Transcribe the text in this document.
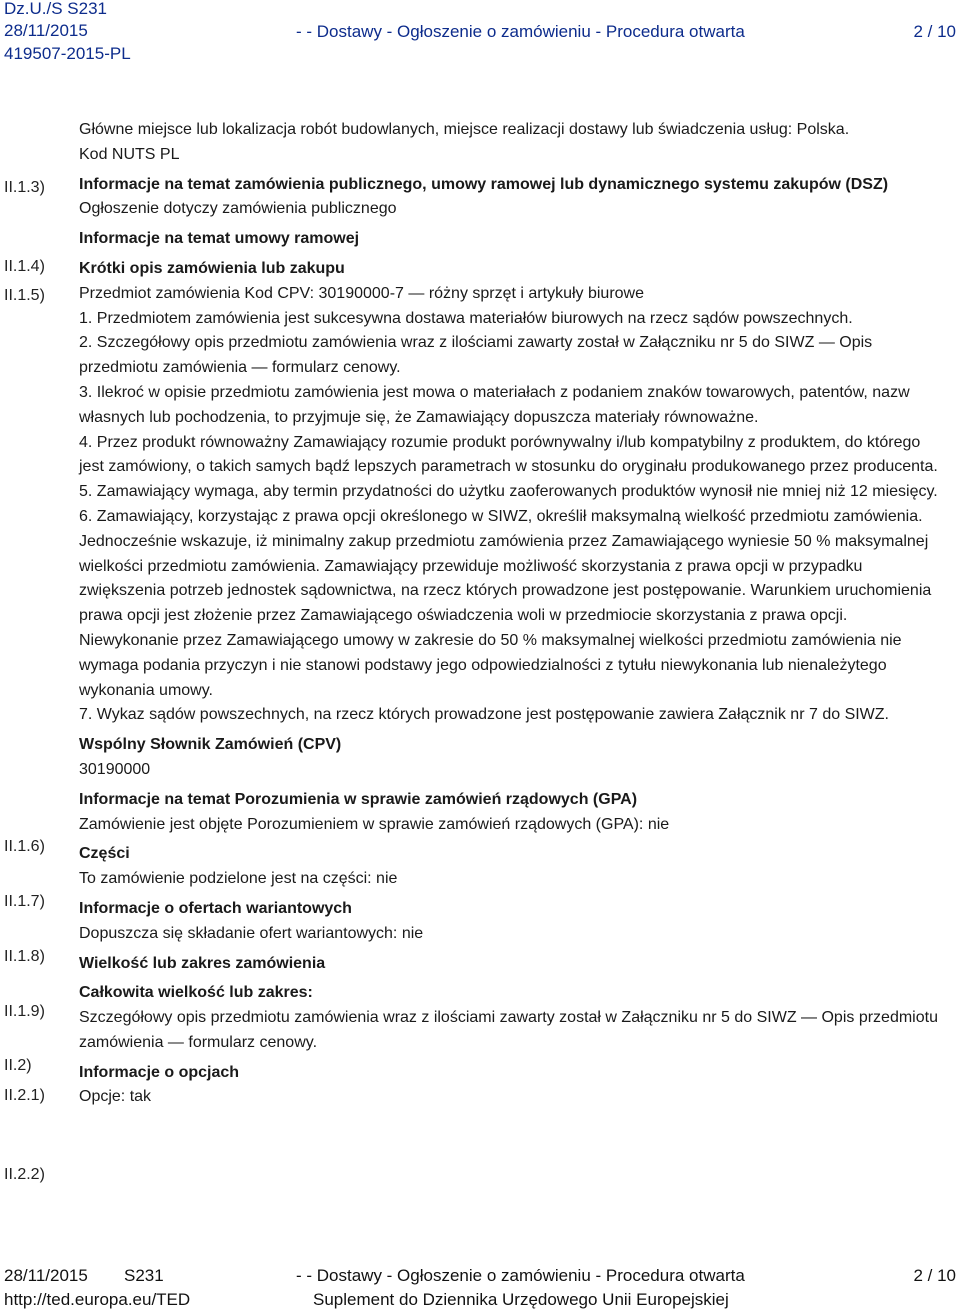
Dz.U./S S231
28/11/2015
419507-2015-PL
- - Dostawy - Ogłoszenie o zamówieniu - Procedura otwarta	2 / 10
II.1.3)
II.1.4)
II.1.5)
II.1.6)
II.1.7)
II.1.8)
II.1.9)
II.2)
II.2.1)
II.2.2)

Główne miejsce lub lokalizacja robót budowlanych, miejsce realizacji dostawy lub świadczenia usług: Polska.

Kod NUTS PL

Informacje na temat zamówienia publicznego, umowy ramowej lub dynamicznego systemu zakupów (DSZ)

Ogłoszenie dotyczy zamówienia publicznego

Informacje na temat umowy ramowej

Krótki opis zamówienia lub zakupu

Przedmiot zamówienia Kod CPV: 30190000-7 — różny sprzęt i artykuły biurowe

1. Przedmiotem zamówienia jest sukcesywna dostawa materiałów biurowych na rzecz sądów powszechnych.

2. Szczegółowy opis przedmiotu zamówienia wraz z ilościami zawarty został w Załączniku nr 5 do SIWZ — Opis przedmiotu zamówienia — formularz cenowy.

3. Ilekroć w opisie przedmiotu zamówienia jest mowa o materiałach z podaniem znaków towarowych, patentów, nazw własnych lub pochodzenia, to przyjmuje się, że Zamawiający dopuszcza materiały równoważne.

4. Przez produkt równoważny Zamawiający rozumie produkt porównywalny i/lub kompatybilny z produktem, do którego jest zamówiony, o takich samych bądź lepszych parametrach w stosunku do oryginału produkowanego przez producenta.

5. Zamawiający wymaga, aby termin przydatności do użytku zaoferowanych produktów wynosił nie mniej niż 12 miesięcy.

6. Zamawiający, korzystając z prawa opcji określonego w SIWZ, określił maksymalną wielkość przedmiotu zamówienia. Jednocześnie wskazuje, iż minimalny zakup przedmiotu zamówienia przez Zamawiającego wyniesie 50 % maksymalnej wielkości przedmiotu zamówienia. Zamawiający przewiduje możliwość skorzystania z prawa opcji w przypadku zwiększenia potrzeb jednostek sądownictwa, na rzecz których prowadzone jest postępowanie. Warunkiem uruchomienia prawa opcji jest złożenie przez Zamawiającego oświadczenia woli w przedmiocie skorzystania z prawa opcji. Niewykonanie przez Zamawiającego umowy w zakresie do 50 % maksymalnej wielkości przedmiotu zamówienia nie wymaga podania przyczyn i nie stanowi podstawy jego odpowiedzialności z tytułu niewykonania lub nienależytego wykonania umowy.

7. Wykaz sądów powszechnych, na rzecz których prowadzone jest postępowanie zawiera Załącznik nr 7 do SIWZ.

Wspólny Słownik Zamówień (CPV)

30190000

Informacje na temat Porozumienia w sprawie zamówień rządowych (GPA)

Zamówienie jest objęte Porozumieniem w sprawie zamówień rządowych (GPA): nie

Części

To zamówienie podzielone jest na części: nie

Informacje o ofertach wariantowych

Dopuszcza się składanie ofert wariantowych: nie

Wielkość lub zakres zamówienia

Całkowita wielkość lub zakres:

Szczegółowy opis przedmiotu zamówienia wraz z ilościami zawarty został w Załączniku nr 5 do SIWZ — Opis przedmiotu zamówienia — formularz cenowy.

Informacje o opcjach

Opcje: tak

28/11/2015 S231
http://ted.europa.eu/TED
- - Dostawy - Ogłoszenie o zamówieniu - Procedura otwarta
Suplement do Dziennika Urzędowego Unii Europejskiej
2 / 10
